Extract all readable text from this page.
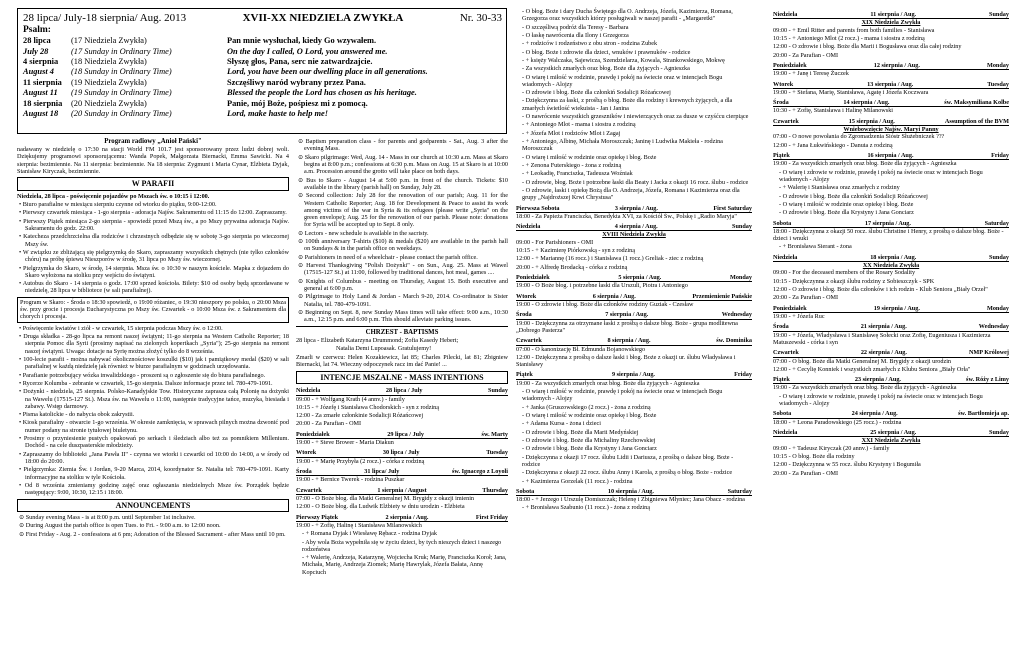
28 lipca/ July-18 sierpnia/ Aug. 2013	XVII-XX NIEDZIELA ZWYKŁA	Nr. 30-33
Psalm:
28 lipca	(17 Niedziela Zwykła)	Pan mnie wysłuchał, kiedy Go wzywałem.
July 28	(17 Sunday in Ordinary Time)	On the day I called, O Lord, you answered me.
4 sierpnia	(18 Niedziela Zwykła)	Słyszę głos, Pana, serc nie zatwardzajcie.
August 4	(18 Sunday in Ordinary Time)	Lord, you have been our dwelling place in all generations.
11 sierpnia	(19 Niedziela Zwykła)	Szczęśliwy naród wybrany przez Pana.
August 11	(19 Sunday in Ordinary Time)	Blessed the people the Lord has chosen as his heritage.
18 sierpnia	(20 Niedziela Zwykła)	Panie, mój Boże, pośpiesz mi z pomocą.
August 18	(20 Sunday in Ordinary Time)	Lord, make haste to help me!
Program radiowy „Anioł Pański"

nadawany w niedzielę o 17:30 na stacji World FM 101.7 jest sponsorowany przez ludzi dobrej woli. Dziękujemy programowi sponsorującemu: Wanda Popek, Małgorzata Biernacki, Emma Sawicki. Na 4 sierpnia: bezimiennie. Na 11 sierpnia: bezimiennie. Na 18 sierpnia: Zygmunt i Maria Cynar, Elżbieta Dyjak, Stanisław Kiryczak, bezimiennie.

W PARAFII

Niedziela, 28 lipca - poświęcenie pojazdów po Mszach św. o 10:15 i 12:00.

• Biuro parafialne w miesiącu sierpniu czynne od wtorku do piątku, 9:00-12:00.

• Pierwszy czwartek miesiąca - 1-go sierpnia - adoracja Najśw. Sakramentu od 11:15 do 12:00. Zapraszamy.

• Pierwszy Piątek miesiąca 2-go sierpnia - spowiedź przed Mszą św., a po Mszy prywatna adoracja Najśw. Sakramentu do godz. 22:00.

• Katecheza przedchrzcielna dla rodziców i chrzestnych odbędzie się w sobotę 3-go sierpnia po wieczornej Mszy św.

• W związku ze zbliżającą się pielgrzymką do Skaro, zapraszamy wszystkich chętnych (nie tylko członków chóru) na próbę śpiewu Nieszporów w środę, 31 lipca po Mszy św. wieczornej.

• Pielgrzymka do Skaro, w środę, 14 sierpnia. Msza św. o 10:30 w naszym kościele. Mapka z dojazdem do Skaro wyłożona na stoliku przy wejściu do świątyni.

• Autobus do Skaro - 14 sierpnia o godz. 17:00 sprzed kościoła. Bilety: $10 od osoby będą sprzedawane w niedzielę, 28 lipca w bibliotece (w sali parafialnej).

Program w Skaro: - Środa o 18:30 spowiedź, o 19:00 różaniec, o 19:30 nieszpory po polsku, o 20:00 Msza św. przy grocie i procesja Eucharystyczna po Mszy św. Czwartek - o 10:00 Msza św. z Sakramentem dla chorych i procesja.

• Poświęcenie kwiatów i ziół - w czwartek, 15 sierpnia podczas Mszy św. o 12:00.

• Druga składka - 28-go lipca na remont naszej świątyni; 11-go sierpnia na Western Catholic Reporter; 18 sierpnia Pomoc dla Syrii (prosimy napisać na zielonych kopertkach „Syria"); 25-go sierpnia na remont naszej świątyni. Uwaga: dotacje na Syrię można złożyć tylko do 8 września.

• 100-lecie parafii - można nabywać okolicznościowe koszulki ($10) jak i pamiątkowy medal ($20) w sali parafialnej w każdą niedzielę jak również w biurze parafialnym w godzinach urzędowania.

• Parafianie potrzebujący wózka inwalidzkiego - proszeni są o zgłoszenie się do biura parafialnego.

• Rycerze Kolumba - zebranie w czwartek, 15-go sierpnia. Dalsze informacje przez tel. 780-479-1091.

• Dożynki - niedziela, 25 sierpnia. Polsko-Kanadyjskie Tow. Historyczne zaprasza całą Polonię na dożynki na Wawelu (17515-127 St.). Msza św. na Wawelu o 11:00, następnie tradycyjne tańce, muzyka, biesiada i zabawy. Wstęp darmowy.

• Pisma katolickie - do nabycia obok zakrystii.

• Kiosk parafialny - otwarcie 1-go września. W okresie zamknięcia, w sprawach pilnych można dzwonić pod numer podany na stronie tytułowej biuletynu.

• Prosimy o przyniesienie pustych opakowań po serkach i śledziach albo też za pomnikiem Millenium. Dochód - na cele duszpasterskie młodzieży.

• Zapraszamy do biblioteki „Jana Pawła II" - czynna we wtorki i czwartki od 10:00 do 14:00, a w środy od 18:00 do 20:00.

• Pielgrzymka: Ziemia Św. i Jordan, 9-20 Marca, 2014, koordynator Sr. Natalia tel: 780-479-1091. Karty informacyjne na stoliku w tyle Kościoła.

• Od 8 września zmieniamy godzinę zajęć oraz ogłaszania niedzielnych Msze św. Porządek będzie następujący: 9:00, 10:30, 12:15 i 18:00.

ANNOUNCEMENTS

⊙ Sunday evening Mass - is at 8:00 p.m. until September 1st inclusive.

⊙ During August the parish office is open Tues. to Fri. - 9:00 a.m. to 12:00 noon.

⊙ First Friday - Aug. 2 - confessions at 6 pm; Adoration of the Blessed Sacrament - after Mass until 10 pm.

⊙ Baptism preparation class - for parents and godparents - Sat., Aug. 3 after the evening Mass.

⊙ Skaro pilgrimage: Wed, Aug. 14 - Mass in our church at 10:30 a.m. Mass at Skaro begins at 8:00 p.m.; confessions at 6:30 p.m. Mass on Aug. 15 at Skaro is at 10:00 a.m. Procession around the grotto will take place on both days.

⊙ Bus to Skaro - August 14 at 5:00 p.m. in front of the church. Tickets: $10 available in the library (parish hall) on Sunday, July 28.

⊙ Second collection: July 28 for the renovation of our parish; Aug. 11 for the Western Catholic Reporter; Aug. 18 for Development & Peace to assist its work among victims of the war in Syria & its refugees (please write „Syria" on the green envelope); Aug. 25 for the renovation of our parish. Please note: donations for Syria will be accepted up to Sept. 8 only.

⊙ Lectors - new schedule is available in the sacristy.

⊙ 100th anniversary T-shirts ($10) & medals ($20) are available in the parish hall on Sundays & in the parish office on weekdays.

⊙ Parishioners in need of a wheelchair - please contact the parish office.

⊙ Harvest Thanksgiving "Polish Dożynki" - on Sun., Aug. 25. Mass at Wawel (17515-127 St.) at 11:00, followed by traditional dances, hot meal, games ....

⊙ Knights of Columbus - meeting on Thursday, August 15. Both executive and general at 6:00 p.m.

⊙ Pilgrimage to Holy Land & Jordan - March 9-20, 2014. Co-ordinator is Sister Natalia, tel. 780-479-1091.

⊙ Beginning on Sept. 8, new Sunday Mass times will take effect: 9:00 a.m., 10:30 a.m., 12:15 p.m. and 6:00 p.m. This should alleviate parking issues.

CHRZEST - BAPTISMS

28 lipca - Elizabeth Katarzyna Drummond; Zofia Kasedy Hebert;

Natalia Demi Lupoasak. Gratulujemy!

Zmarli w czerwcu: Helen Kozakiewicz, lat 85; Charles Pilecki, lat 81; Zbigniew Biernacki, lat 74. Wieczny odpoczynek racz im dać Panie! ...

INTENCJE MSZALNE - MASS INTENTIONS
Niedziela	28 lipca / July	Sunday

09:00 - + Wolfgang Krath (4 annv.) - family

10:15 - + Józefę i Stanisława Chodorskich - syn z rodziną

12:00 - Za zmarłe członkinie Sodalicji Różańcowej

20:00 - Za Parafian - OMI

Poniedziałek	29 lipca / July	św. Marty

19:00 - + Steve Brower - Maria Diakun

Wtorek	30 lipca / July	Tuesday

19:00 - + Marię Przybyła (2 rocz.) - córka z rodziną

Środa	31 lipca/ July	św. Ignacego z Loyoli

19:00 - + Bernice Twerek - rodzina Puszkar

Czwartek	1 sierpnia / August	Thursday

07:00 - O Boże błog. dla Matki Generalnej M. Brygidy z okazji imienin

12:00 - O Boże błog. dla Ludwik Elżbiety w dniu urodzin - Elżbieta

Pierwszy Piątek	2 sierpnia / Aug.	First Friday

19:00 - + Zofię, Halinę i Stanisława Milanowskich

- + Romana Dyjak i Wiesławę Rębacz - rodzina Dyjak

- Aby wola Boża wypełniła się w życiu dzieci, by tych nieszych dzieci i naszego rodzeństwa

- + Walerię, Andrzeja, Katarzynę, Wojciecha Kruk; Marię, Franciszka Koroł; Jana, Michała, Marię, Andrzeja Ziomek; Marię Hawrylak, Józefa Bałata, Annę Kopciuch

- O błog. Boże i dary Ducha Świętego dla O. Andrzeja, Józefa, Kazimierza, Romana, Grzegorza oraz wszystkich którzy posługiwali w naszej parafii - „Margaretki"

- O szczęśliwą podróż dla Teresy - Barbara

- O łaskę nawrócenia dla Ilony i Grzegorza

- + rodziców i rodzeństwo z obu stron - rodzina Zubek

- O błog. Boże i zdrowie dla dzieci, wnuków i prawnuków - rodzice

- + księży Walczaka, Sajewicza, Szendzielarza, Kowala, Strankowskiego, Mokwę

- Za wszystkich zmarłych oraz błog. Boże dla żyjących - Agnieszka

- O wiarę i miłość w rodzinie, prawdę i pokój na świecie oraz w intencjach Bogu wiadomych - Alojzy

- O zdrowie i błog. Boże dla członkiń Sodalicji Różańcowej

- Dziękczynna za łaski, z prośbą o błog. Boże dla rodziny i krewnych żyjących, a dla zmarłych świetlość wiekuista - Jan i Janina

- O nawrócenie wszystkich grzeszników i niewierzących oraz za dusze w czyśćcu cierpiące

- + Antoniego Mlot - mama i siostra z rodziną

- + Józefa Mlot i rodziców Mlot i Zagaj

- + Antoniego, Albinę, Michała Moroszczuk; Janinę i Ludwika Makieła - rodzina Moroszczuk

- O wiarę i miłość w rodzinie oraz opiekę i błog. Boże

- + Zenona Futerskiego - żona z rodziną

- + Leokadię, Franciszka, Tadeusza Woźniak

- O zdrowie, błog. Boże i potrzebne łaski dla Beaty i Jacka z okazji 16 rocz. ślubu - rodzice

- O zdrowie, łaski i opiekę Bożą dla O. Andrzeja, Józefa, Romana i Kazimierza oraz dla grupy „Najdroższej Krwi Chrystusa"

Pierwsza Sobota	3 sierpnia / Aug.	First Saturday

18:00 - Za Papieża Franciszka, Benedykta XVI, za Kościół Św., Polskę i „Radio Maryja"

Niedziela	4 sierpnia / Aug.	Sunday
XVIII Niedziela Zwykła

09:00 - For Parishioners - OMI

10:15 - + Kazimierę Piórkowską - syn z rodziną

12:00 - + Mariannę (16 rocz.) i Stanisława (1 rocz.) Greliak - ziec z rodziną

20:00 - + Alfredę Brodacką - córka z rodziną

Poniedziałek	5 sierpnia / Aug.	Monday

19:00 - O Boże błog. i potrzebne łaski dla Urszuli, Piotra i Antoniego

Wtorek	6 sierpnia / Aug.	Przemienienie Pańskie

19:00 - O zdrowie i błog. Boże dla członków rodziny Guziak - Czesław

Środa	7 sierpnia / Aug.	Wednesday

19:00 - Dziękczynna za otrzymane łaski z prośbą o dalsze błog. Boże - grupa modlitewna „Dobrego Pasterza"

Czwartek	8 sierpnia / Aug.	św. Dominika

07:00 - O kanonizację Bł. Edmunda Bojanowskiego

12:00 - Dziękczynna z prośbą o dalsze łaski i błog. Boże z okazji ur. ślubu Władysława i Stanisławy

Piątek	9 sierpnia / Aug.	Friday

19:00 - Za wszystkich zmarłych oraz błog. Boże dla żyjących - Agnieszka

- O wiarę i miłość w rodzinie, prawdę i pokój na świecie oraz w intencjach Bogu wiadomych - Alojzy

- + Janka (Gruszowskiego (2 rocz.) - żona z rodziną

- O wiarę i miłość w rodzinie oraz opiekę i błog. Boże

- + Adama Kursa - żona i dzieci

- O zdrowie i błog. Boże dla Marii Medyńskiej

- O zdrowie i błog. Boże dla Michaliny Rzechowskiej

- O zdrowie i błog. Boże dla Krystyny i Jana Gonciarz

- Dziękczynna z okazji 17 rocz. ślubu Lidii i Dariusza, z prośbą o dalsze błog. Boże - rodzice

- Dziękczynna z okazji 22 rocz. ślubu Anny i Karola, z prośbą o błog. Boże - rodzice

- + Kazimierza Gorzelak (11 rocz.) - rodzina

Sobota	10 sierpnia / Aug.	Saturday

18:00 - + Jerzego i Urszulę Domiszczak; Helenę i Zbigniewa Młyniec; Jana Obacz - rodzina

- + Bronisława Szabunio (11 rocz.) - żona z rodziną

Niedziela	11 sierpnia / Aug.	Sunday
XIX Niedziela Zwykła

09:00 - + Emil Ritter and parents from both families - Stanisława

10:15 - + Antoniego Mlot (2 rocz.) - mama i siostra z rodziną

12:00 - O zdrowie i błog. Boże dla Marii i Bogusława oraz dla całej rodziny

20:00 - Za Parafian - OMI

Poniedziałek	12 sierpnia / Aug.	Monday

19:00 - + Janę i Teresę Żuczek

Wtorek	13 sierpnia / Aug.	Tuesday

19:00 - + Stefana, Marię, Stanisława, Agatę i Józefa Koczwara

Środa	14 sierpnia / Aug.	św. Maksymiliana Kolbe

10:30 - + Zofię, Stanisława i Halinę Milanowski

Czwartek	15 sierpnia / Aug.	Assumption of the BVM
Wniebowzięcie Najśw. Maryi Panny

07:00 - O nowe powołania do Zgromadzenia Sióstr Służebniczek ???

12:00 - + Jana Łukwińskiego - Danuta z rodziną

Piątek	16 sierpnia / Aug.	Friday

19:00 - Za wszystkich zmarłych oraz błog. Boże dla żyjących - Agnieszka

- O wiarę i zdrowie w rodzinie, prawdę i pokój na świecie oraz w intencjach Bogu wiadomych - Alojzy

- + Walerię i Stanisława oraz zmarłych z rodziny

- O zdrowie i błog. Boże dla członkiń Sodalicji Różańcowej

- O wiarę i miłość w rodzinie oraz opiekę i błog. Boże

- O zdrowie i błog. Boże dla Krystyny i Jana Gonciarz

Sobota	17 sierpnia / Aug.	Saturday

18:00 - Dziękczynna z okazji 50 rocz. ślubu Christine i Henry, z prośbą o dalsze błog. Boże - dzieci i wnuki

- + Bronisława Sierant - żona

Niedziela	18 sierpnia / Aug.	Sunday
XX Niedziela Zwykła

09:00 - For the deceased members of the Rosary Sodality

10:15 - Dziękczynna z okazji ślubu rodziny z Sobieszczyk - SPK

12:00 - O zdrowie i błog. Boże dla członków i ich rodzin - Klub Seniora „Biały Orzeł"

20:00 - Za Parafian - OMI

Poniedziałek	19 sierpnia / Aug.	Monday

19:00 - + Józefa Ruc

Środa	21 sierpnia / Aug.	Wednesday

19:00 - + Józefa, Władysława i Stanisławę Sołecki oraz Zofię, Eugeniusza i Kazimierza Matuszewski - córka i syn

Czwartek	22 sierpnia / Aug.	NMP Królowej

07:00 - O błog. Boże dla Matki Generalnej M. Brygidy z okazji urodzin

12:00 - + Cecylię Konniek i wszystkich zmarłych z Klubu Seniora „Biały Orła"

Piątek	23 sierpnia / Aug.	św. Róży z Limy

19:00 - Za wszystkich zmarłych oraz błog. Boże dla żyjących - Agnieszka

- O wiarę i zdrowie w rodzinie, prawdę i pokój na świecie oraz w intencjach Bogu wiadomych - Alojzy

Sobota	24 sierpnia / Aug.	św. Bartłomieja ap.

18:00 - + Leona Paradowskiego (25 rocz.) - rodzina

Niedziela	25 sierpnia / Aug.	Sunday
XXI Niedziela Zwykła

09:00 - + Tadeusz Kiryczak (20 annv.) - family

10:15 - O błog. Boże dla rodziny

12:00 - Dziękczynna w 55 rocz. ślubu Krystyny i Bogumiła

20:00 - Za Parafian - OMI
